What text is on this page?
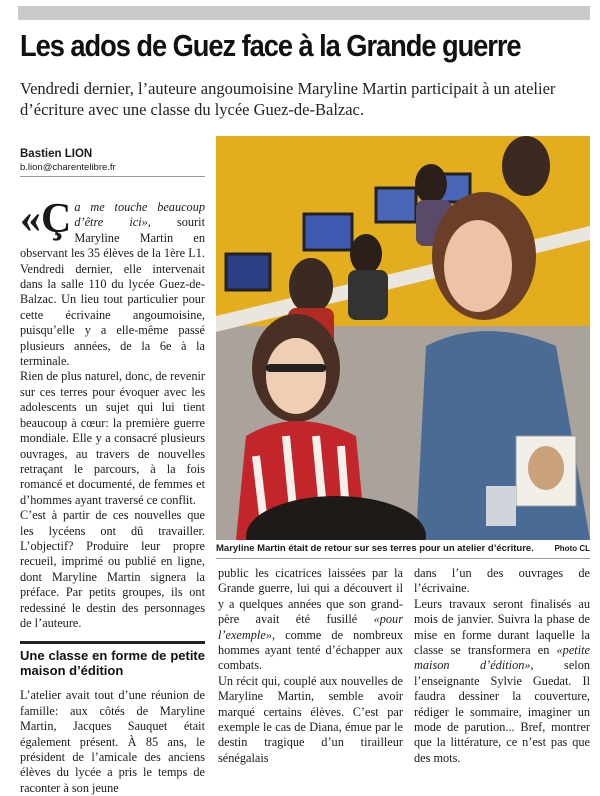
Les ados de Guez face à la Grande guerre
Vendredi dernier, l’auteure angoumoisine Maryline Martin participait à un atelier d’écriture avec une classe du lycée Guez-de-Balzac.
Bastien LION
b.lion@charentelibre.fr

«Ça me touche beaucoup d’être ici», sourit Maryline Martin en observant les 35 élèves de la 1ère L1. Vendredi dernier, elle intervenait dans la salle 110 du lycée Guez-de-Balzac. Un lieu tout particulier pour cette écrivaine angoumoisine, puisqu’elle y a elle-même passé plusieurs années, de la 6e à la terminale.

Rien de plus naturel, donc, de revenir sur ces terres pour évoquer avec les adolescents un sujet qui lui tient beaucoup à cœur: la première guerre mondiale. Elle y a consacré plusieurs ouvrages, au travers de nouvelles retraçant le parcours, à la fois romancé et documenté, de femmes et d’hommes ayant traversé ce conflit.

C’est à partir de ces nouvelles que les lycéens ont dû travailler. L’objectif? Produire leur propre recueil, imprimé ou publié en ligne, dont Maryline Martin signera la préface. Par petits groupes, ils ont redessiné le destin des personnages de l’auteure.

Une classe en forme de petite maison d’édition

L’atelier avait tout d’une réunion de famille: aux côtés de Maryline Martin, Jacques Sauquet était également présent. À 85 ans, le président de l’amicale des anciens élèves du lycée a pris le temps de raconter à son jeune

Maryline Martin était de retour sur ses terres pour un atelier d’écriture.	Photo CL

public les cicatrices laissées par la Grande guerre, lui qui a découvert il y a quelques années que son grand-père avait été fusillé «pour l’exemple», comme de nombreux hommes ayant tenté d’échapper aux combats.

Un récit qui, couplé aux nouvelles de Maryline Martin, semble avoir marqué certains élèves. C’est par exemple le cas de Diana, émue par le destin tragique d’un tirailleur sénégalais

dans l’un des ouvrages de l’écrivaine.

Leurs travaux seront finalisés au mois de janvier. Suivra la phase de mise en forme durant laquelle la classe se transformera en «petite maison d’édition», selon l’enseignante Sylvie Guedat. Il faudra dessiner la couverture, rédiger le sommaire, imaginer un mode de parution... Bref, montrer que la littérature, ce n’est pas que des mots.
